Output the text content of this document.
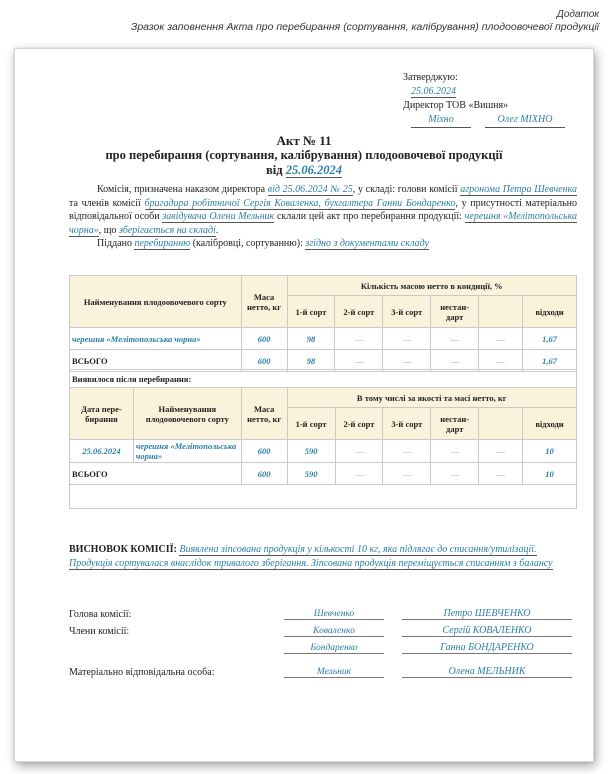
Додаток
Зразок заповнення Акта про перебирання (сортування, калібрування) плодоовочевої продукції
Затверджую:
25.06.2024
Директор ТОВ «Вишня»
Міхно	Олег МІХНО
Акт № 11
про перебирання (сортування, калібрування) плодоовочевої продукції
від 25.06.2024

Комісія, призначена наказом директора від 25.06.2024 № 25, у складі: голови комісії агронома Петра Шевченка та членів комісії бригадира робітничої Сергія Коваленка, бухгалтера Ганни Бондаренко, у присутності матеріально відповідальної особи завідувача Олени Мельник склали цей акт про перебирання продукції: черешня «Мелітопольська чорна», що зберігається на складі.

Піддано перебиранню (калібровці, сортуванню): згідно з документами складу

Найменування плодоовочевого сорту	Маса нетто, кг	Кількість масою нетто в кондиції, %					
		1-й сорт	2-й сорт	3-й сорт	нестан-дарт		відходи
черешня «Мелітопольська чорна»	600	98	—	—	—	—	1,67
ВСЬОГО	600	98	—	—	—	—	1,67
Виявилося після перебирання:								
Дата пере-бирання	Найменування плодоовочевого сорту	Маса нетто, кг	В тому числі за якості та масі нетто, кг					
			1-й сорт	2-й сорт	3-й сорт	нестан-дарт		відходи
25.06.2024	черешня «Мелітопольська чорна»	600	590	—	—	—	—	10
ВСЬОГО		600	590	—	—	—	—	10

ВИСНОВОК КОМІСІЇ: Виявлена зіпсована продукція у кількості 10 кг, яка підлягає до списання/утилізації. Продукція сортувалася внаслідок тривалого зберігання. Зіпсована продукція переміщується списанням з балансу
Голова комісії:	Шевченко	Петро ШЕВЧЕНКО
Члени комісії:	Коваленко	Сергій КОВАЛЕНКО
Бондаренко	Ганна БОНДАРЕНКО
Матеріально відповідальна особа:	Мельник	Олена МЕЛЬНИК
